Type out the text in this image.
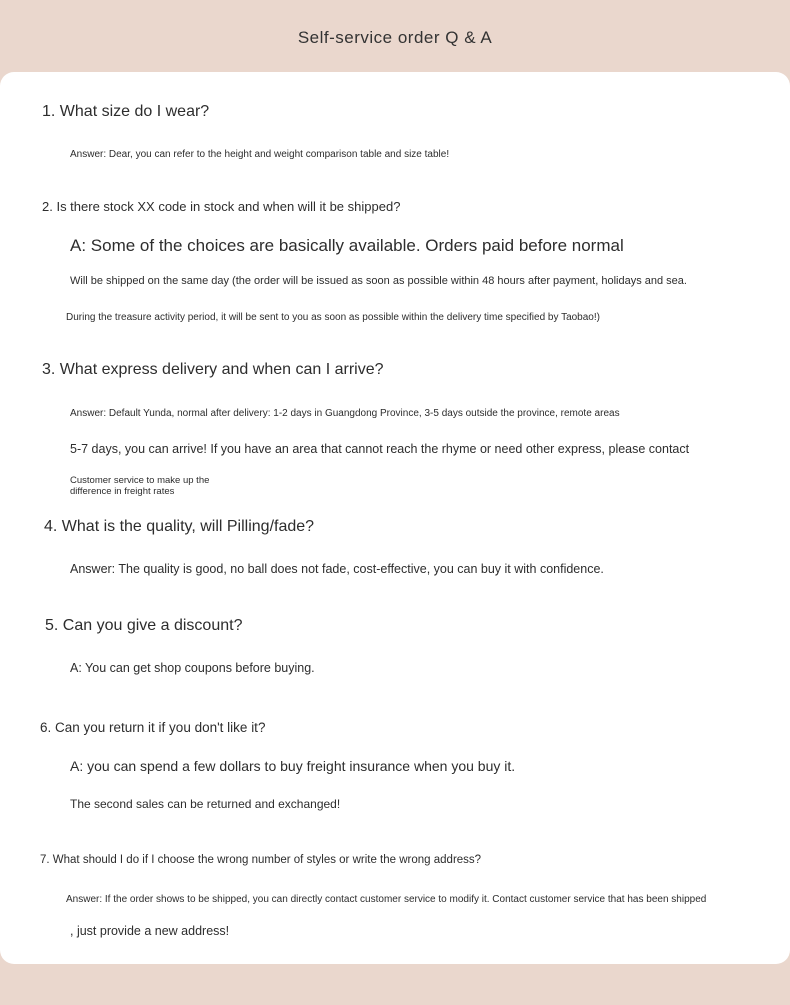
Self-service order Q & A
1. What size do I wear?
Answer: Dear, you can refer to the height and weight comparison table and size table!
2. Is there stock XX code in stock and when will it be shipped?
A: Some of the choices are basically available. Orders paid before normal
Will be shipped on the same day (the order will be issued as soon as possible within 48 hours after payment, holidays and sea.
During the treasure activity period, it will be sent to you as soon as possible within the delivery time specified by Taobao!)
3. What express delivery and when can I arrive?
Answer: Default Yunda, normal after delivery: 1-2 days in Guangdong Province, 3-5 days outside the province, remote areas
5-7 days, you can arrive! If you have an area that cannot reach the rhyme or need other express, please contact
Customer service to make up the difference in freight rates
4. What is the quality, will Pilling/fade?
Answer: The quality is good, no ball does not fade, cost-effective, you can buy it with confidence.
5. Can you give a discount?
A: You can get shop coupons before buying.
6. Can you return it if you don't like it?
A: you can spend a few dollars to buy freight insurance when you buy it.
The second sales can be returned and exchanged!
7. What should I do if I choose the wrong number of styles or write the wrong address?
Answer: If the order shows to be shipped, you can directly contact customer service to modify it. Contact customer service that has been shipped
, just provide a new address!
